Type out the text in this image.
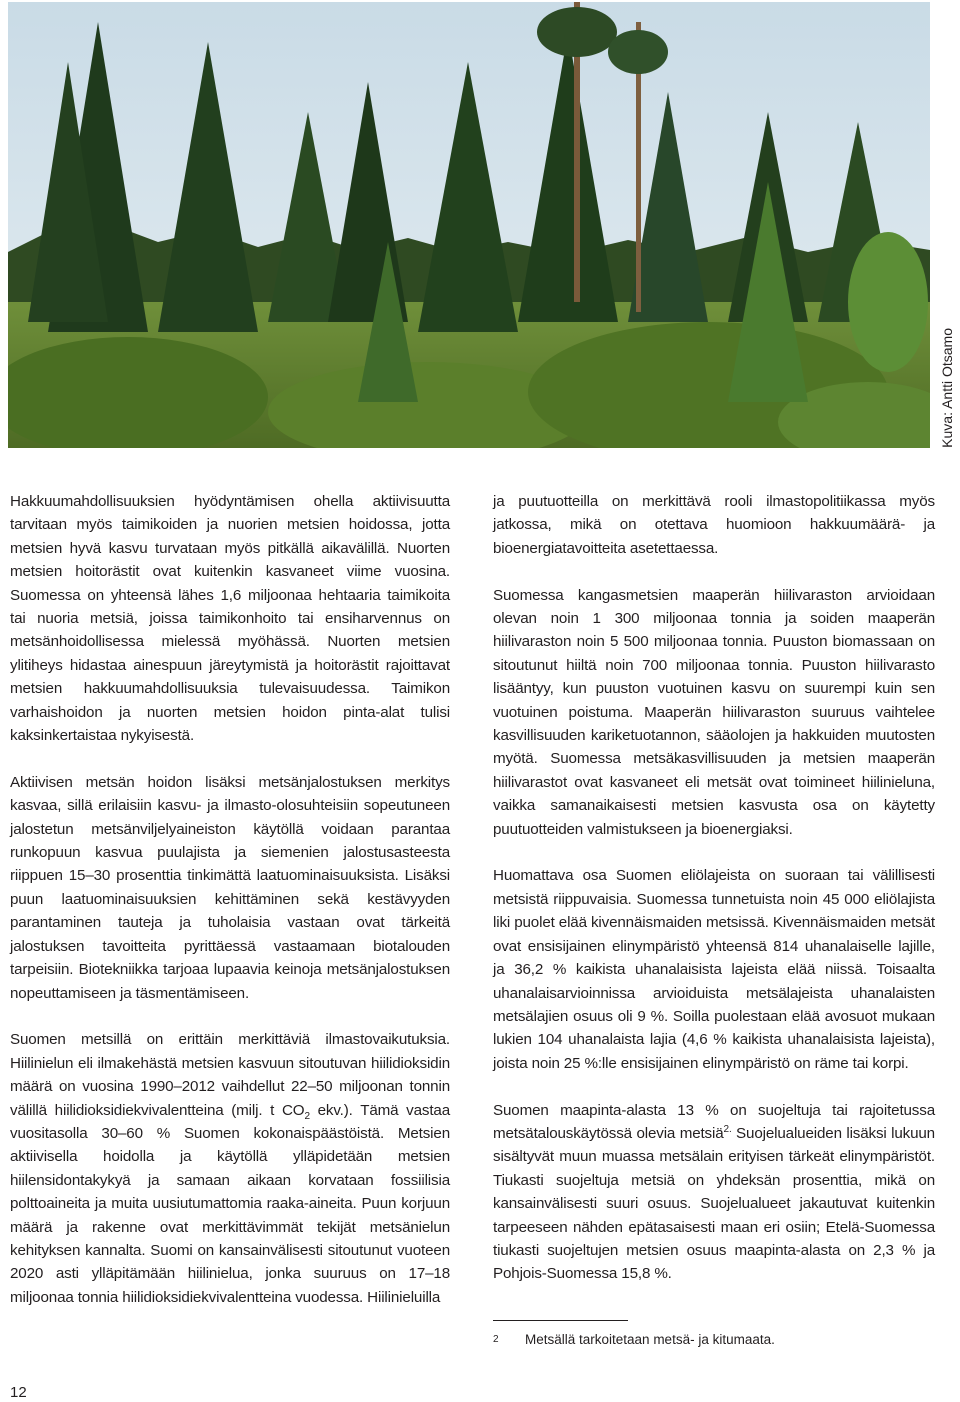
Kuva: Antti Otsamo

Hakkuumahdollisuuksien hyödyntämisen ohella aktiivisuutta tarvitaan myös taimikoiden ja nuorien metsien hoidossa, jotta metsien hyvä kasvu turvataan myös pitkällä aikavälillä. Nuorten metsien hoitorästit ovat kuitenkin kasvaneet viime vuosina. Suomessa on yhteensä lähes 1,6 miljoonaa hehtaaria taimikoita tai nuoria metsiä, joissa taimikonhoito tai ensiharvennus on metsänhoidollisessa mielessä myöhässä. Nuorten metsien ylitiheys hidastaa ainespuun järeytymistä ja hoitorästit rajoittavat metsien hakkuumahdollisuuksia tulevaisuudessa. Taimikon varhaishoidon ja nuorten metsien hoidon pinta-alat tulisi kaksinkertaistaa nykyisestä.

Aktiivisen metsän hoidon lisäksi metsänjalostuksen merkitys kasvaa, sillä erilaisiin kasvu- ja ilmasto-olosuhteisiin sopeutuneen jalostetun metsänviljelyaineiston käytöllä voidaan parantaa runkopuun kasvua puulajista ja siemenien jalostusasteesta riippuen 15–30 prosenttia tinkimättä laatuominaisuuksista. Lisäksi puun laatuominaisuuksien kehittäminen sekä kestävyyden parantaminen tauteja ja tuholaisia vastaan ovat tärkeitä jalostuksen tavoitteita pyrittäessä vastaamaan biotalouden tarpeisiin. Biotekniikka tarjoaa lupaavia keinoja metsänjalostuksen nopeuttamiseen ja täsmentämiseen.

Suomen metsillä on erittäin merkittäviä ilmastovaikutuksia. Hiilinielun eli ilmakehästä metsien kasvuun sitoutuvan hiilidioksidin määrä on vuosina 1990–2012 vaihdellut 22–50 miljoonan tonnin välillä hiilidioksidiekvivalentteina (milj. t $CO_2$ ekv.). Tämä vastaa vuositasolla 30–60 % Suomen kokonaispäästöistä. Metsien aktiivisella hoidolla ja käytöllä ylläpidetään metsien hiilensidontakykyä ja samaan aikaan korvataan fossiilisia polttoaineita ja muita uusiutumattomia raaka-aineita. Puun korjuun määrä ja rakenne ovat merkittävimmät tekijät metsänielun kehityksen kannalta. Suomi on kansainvälisesti sitoutunut vuoteen 2020 asti ylläpitämään hiilinielua, jonka suuruus on 17–18 miljoonaa tonnia hiilidioksidiekvivalentteina vuodessa. Hiilinieluilla

ja puutuotteilla on merkittävä rooli ilmastopolitiikassa myös jatkossa, mikä on otettava huomioon hakkuumäärä- ja bioenergiatavoitteita asetettaessa.

Suomessa kangasmetsien maaperän hiilivaraston arvioidaan olevan noin 1 300 miljoonaa tonnia ja soiden maaperän hiilivaraston noin 5 500 miljoonaa tonnia. Puuston biomassaan on sitoutunut hiiltä noin 700 miljoonaa tonnia. Puuston hiilivarasto lisääntyy, kun puuston vuotuinen kasvu on suurempi kuin sen vuotuinen poistuma. Maaperän hiilivaraston suuruus vaihtelee kasvillisuuden kariketuotannon, sääolojen ja hakkuiden muutosten myötä. Suomessa metsäkasvillisuuden ja metsien maaperän hiilivarastot ovat kasvaneet eli metsät ovat toimineet hiilinieluna, vaikka samanaikaisesti metsien kasvusta osa on käytetty puutuotteiden valmistukseen ja bioenergiaksi.

Huomattava osa Suomen eliölajeista on suoraan tai välillisesti metsistä riippuvaisia. Suomessa tunnetuista noin 45 000 eliölajista liki puolet elää kivennäismaiden metsissä. Kivennäismaiden metsät ovat ensisijainen elinympäristö yhteensä 814 uhanalaiselle lajille, ja 36,2 % kaikista uhanalaisista lajeista elää niissä. Toisaalta uhanalaisarvioinnissa arvioiduista metsälajeista uhanalaisten metsälajien osuus oli 9 %. Soilla puolestaan elää avosuot mukaan lukien 104 uhanalaista lajia (4,6 % kaikista uhanalaisista lajeista), joista noin 25 %:lle ensisijainen elinympäristö on räme tai korpi.

Suomen maapinta-alasta 13 % on suojeltuja tai rajoitetussa metsätalouskäytössä olevia metsiä$^{2.}$ Suojelualueiden lisäksi lukuun sisältyvät muun muassa metsälain erityisen tärkeät elinympäristöt. Tiukasti suojeltuja metsiä on yhdeksän prosenttia, mikä on kansainvälisesti suuri osuus. Suojelualueet jakautuvat kuitenkin tarpeeseen nähden epätasaisesti maan eri osiin; Etelä-Suomessa tiukasti suojeltujen metsien osuus maapinta-alasta on 2,3 % ja Pohjois-Suomessa 15,8 %.

2 Metsällä tarkoitetaan metsä- ja kitumaata.
12
